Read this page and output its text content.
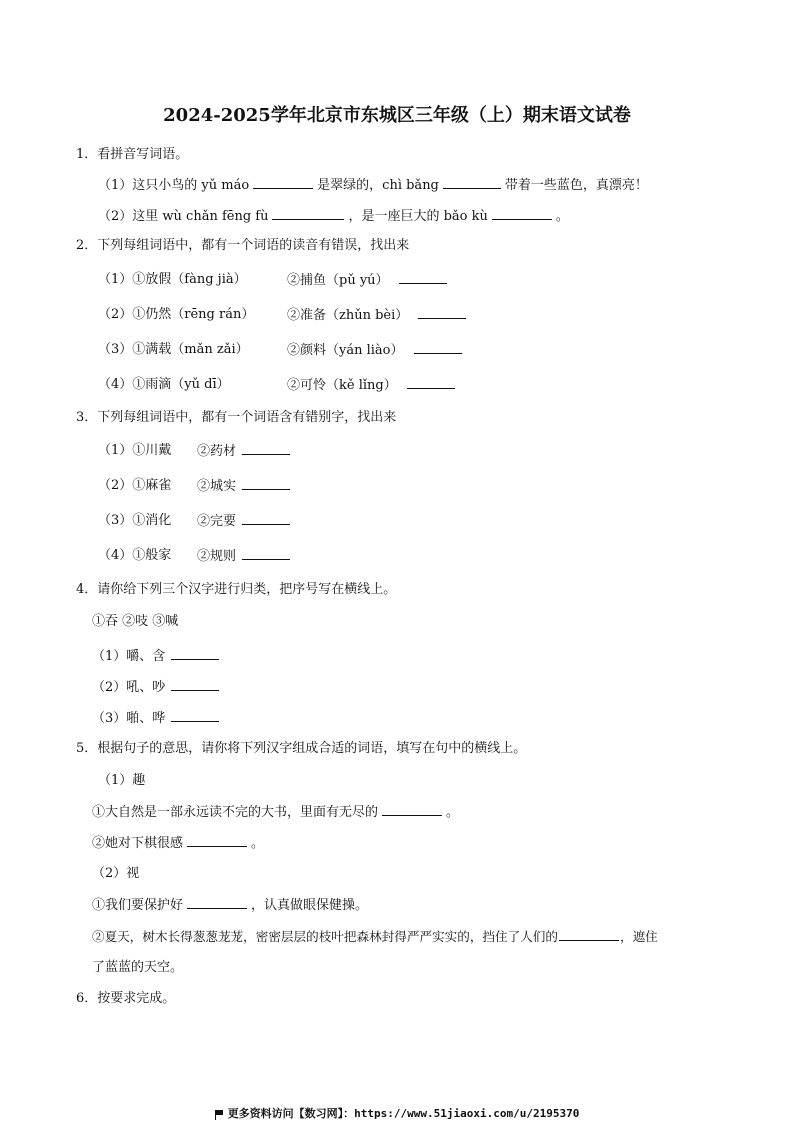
2024-2025学年北京市东城区三年级（上）期末语文试卷
1．看拼音写词语。
（1）这只小鸟的 yǔ máo	是翠绿的，chì bǎng	带着一些蓝色，真漂亮！
（2）这里 wù chǎn fēng fù	，是一座巨大的 bǎo kù	。
2．下列每组词语中，都有一个词语的读音有错误，找出来
（1）①放假（fàng jià）	②捕鱼（pǔ yú）
（2）①仍然（rēng rán）	②准备（zhǔn bèi）
（3）①满载（mǎn zǎi）	②颜料（yán liào）
（4）①雨滴（yǔ dī）	②可怜（kě lǐng）
3．下列每组词语中，都有一个词语含有错别字，找出来
（1）①川戴 ②药材
（2）①麻雀 ②城实
（3）①消化 ②完要
（4）①般家 ②规则
4．请你给下列三个汉字进行归类，把序号写在横线上。
①吞 ②吱 ③喊
（1）嚼、含
（2）吼、吵
（3）啪、哗
5．根据句子的意思，请你将下列汉字组成合适的词语，填写在句中的横线上。
（1）趣
①大自然是一部永远读不完的大书，里面有无尽的	。
②她对下棋很感	。
（2）视
①我们要保护好	，认真做眼保健操。
②夏天，树木长得葱葱茏茏，密密层层的枝叶把森林封得严严实实的，挡住了人们的	，遮住
了蓝蓝的天空。
6．按要求完成。
更多资料访问【数习网】：https://www.51jiaoxi.com/u/2195370
